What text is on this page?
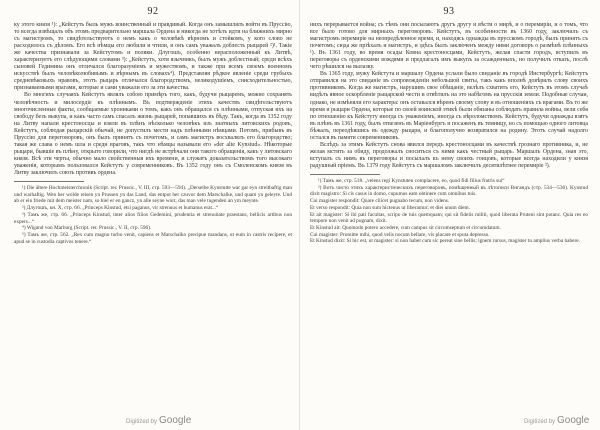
92

ку этого князя ¹): „Кейстуть быль мужъ воинственный и правдивый. Когда онъ замышлялъ войти въ Пруссію, то всегда извѣщалъ объ этомъ предварительно маршала Ордена и никогда не хотѣлъ идти на ближнихъ мирно съ магистромъ, то свидѣтельствуютъ о немъ какъ о человѣкѣ вѣрномъ и стойкомъ, у кого слово не расходилось съ дѣломъ. Его всѣ нѣмцы его любили и чтили, и онъ самъ уважалъ доблесть рыцарей ²)¹. Такіе же качества признавали за Кейстутомъ и поляки. Длугошъ, особенно нерасположенный къ Литвѣ, характеризуетъ его слѣдующими словами ³): „Кейстутъ, хотя язычникъ, былъ мужъ доблестный; среди всѣхъ сыновей Гедимина онъ отличался благоразуміемъ и мужествомъ, и также при всемъ своемъ военномъ искусствѣ былъ человѣколюбивымъ и вѣрнымъ въ словахъ⁴). Представляя рѣдкое явленіе среди грубыхъ средневѣковыхъ нравовъ, этотъ рыцарь отличался благородствомъ, великодушіемъ, снисходительностью, признаваемыми врагами, которые и сами уважали его за эти качества.

Во многихъ случаяхъ Кейстутъ являлъ собою примѣръ того, какъ, будучи рыцаремъ, можно сохранять человѣчность и милосердіе къ плѣннымъ. Въ подтвержденіе этихъ качествъ свидѣтельствуютъ многочисленные факты, сообщаемые хрониками о томъ, какъ онъ обращался съ плѣнными, отпуская ихъ на свободу безъ выкупа, и какъ часто самъ спасалъ жизнь рыцарей, попавшихъ въ бѣду. Такъ, когда въ 1352 году на Литву напали крестоносцы и взяли въ плѣнъ нѣсколько человѣкъ изъ знатныхъ литовскихъ родовъ, Кейстутъ, соблюдая рыцарскій обычай, не допустилъ мести надъ плѣнными нѣмцами. Потомъ, прибывъ въ Пруссію для переговоровъ, онъ былъ принятъ съ почетомъ, и самъ магистръ восхвалялъ его благородство; такая же слава о немъ шла и среди враговъ, такъ что нѣмцы называли его «der alte Kynstud». Нѣкоторые рыцари, бывшіе въ плѣну, открыто говорили, что нигдѣ не встрѣчали они такого обращенія, какъ у литовскаго князя. Всѣ эти черты, обычно мало свойственныя ихъ времени, и служатъ доказательствомъ того высокаго уваженія, которымъ пользовался Кейстутъ у современниковъ. Въ 1352 году онъ съ Смоленскомъ князя въ Литву заключилъ союзъ противъ ордена.

¹) Die ältere Hochmeisterchronik (Script. rer. Prussic., V. III, стр. 593—594). „Derselbe Kynstutte war gar eyn streitbaftig man und warhaftig. Wen her wolde reisen yn Prussen yn das Land, das entpot her czuvor dem Marschalke, und quam yn geleyte. Und ab er ein friede mit dem meister nam, so hiel er en gancz, yn alle seyne wort, das man vele tugenden an ym meynte.

²) Длугошъ, кн. X, стр. 66. „Princeps Kinstud, etsi paganus, vir strenuus et humanus erat...“

³) Тамъ же, стр. 66. „Princeps Kinstud, inter alios filios Gedemini, prudentia et strenuitate praestans, bellicis artibus non expers...“

⁴) Wigand von Marburg (Script. rer. Prussic., V. II, стр. 596).

⁵) Тамъ же, стр. 562. „Rex cum magno turbo venit, capiens et Marschalko precipue mandans, ut eum in castris recipere, et apud se in custodia captivos tenere.“

93

нихъ перерывается война; съ тѣмъ они посылаютъ другъ другу и вѣсти о мирѣ, и о перемиріи, и о томъ, что все было готово для мирныхъ переговоровъ. Кейстутъ, въ особенности въ 1360 году, заключилъ съ магистромъ перемиріе на неопредѣленное время, и, находясь однажды въ прусскомъ городѣ, былъ принятъ съ почетомъ; сюда же пріѣхалъ и магистръ, и здѣсь былъ заключенъ между ними договоръ о размѣнѣ плѣнныхъ ¹). Въ 1361 году, во время осады Ковна крестоносцами, Кейстутъ, желая спасти городъ, вступилъ въ переговоры съ орденскими вождями и предлагалъ имъ выкупъ за осажденныхъ, но получилъ отказъ, послѣ чего рѣшился на вылазку.

Въ 1365 году, мужу Кейстута и маршалу Ордена услали было свиданіе въ городѣ Инстербургѣ; Кейстутъ отправился на это свиданіе въ сопровожденіи небольшой свиты, такъ какъ вполнѣ довѣрялъ слову своихъ противниковъ. Когда же магистръ, нарушивъ свое обѣщаніе, велѣлъ схватить его, Кейстутъ въ этомъ случаѣ видѣлъ явное оскорбленіе рыцарской чести и отвѣтилъ на это набѣгомъ на прусскія земли. Подобные случаи, однако, не измѣняли его характера: онъ оставался вѣренъ своему слову и въ отношеніяхъ съ врагами. Въ то же время и рыцари Ордена, которые по своей воинской этикѣ были обязаны соблюдать правила войны, вели себя по отношенію къ Кейстуту иногда съ уваженіемъ, иногда съ вѣроломствомъ. Кейстутъ, будучи однажды взятъ въ плѣнъ въ 1361 году, былъ отвезенъ въ Маріенбургъ и посаженъ въ темницу, но съ помощью одного литовца бѣжалъ, переодѣвшись въ одежду рыцаря, и благополучно возвратился на родину. Этотъ случай надолго остался въ памяти современниковъ.

Вслѣдъ за этимъ Кейстутъ снова явился передъ крестоносцами въ качествѣ грознаго противника, и, не желая мстить за обиду, продолжалъ сноситься съ ними какъ честный рыцарь. Маршалъ Ордена, зная это, вступалъ съ нимъ въ переговоры и посылалъ къ нему своихъ гонцовъ, которые всегда находили у князя радушный пріемъ. Въ 1379 году Кейстутъ съ маршаломъ заключилъ десятилѣтнее перемиріе ²).

¹) Тамъ же, стр. 518. „velens regi Kynstuten complacere, eo, quod fidi filius fratris sui“

²) Вотъ чисто этихъ характеристическихъ переговоровъ, помѣщенный въ лѣтописи Вигандъ (стр. 534—536). Kynstud dixit magistro: Si cis casus in domo, cupumus eam obtinere cum omnibus tuis.

Cui magister respondit: Quare cilicet pugnabo tecum, non videns.

Et verso respondit: Quia non sum hictenus ut liberamur; et diei unum diem.

Et ait magister: Si ibi pati facultas, scripo de tuis quemquam; qui sit fidelis militi, quod liberata Pruteni sint potanc. Quia res eo tempore non venit ad pugnam, dixit.

Et Kinstud ait: Quomodo potero accedere, cum campus sit circumseptum et circumdatum.

Cui magister: Promitte mihi, quod velis nocum bellare, vis placare et sputa depresso.

Et Kinstud dixit: Si hic est, ut magister: si non habet cum sic pereat sine bellis; ignem rursus, magister tu amplius verba habere.

Digitized by Google	Digitized by Google
